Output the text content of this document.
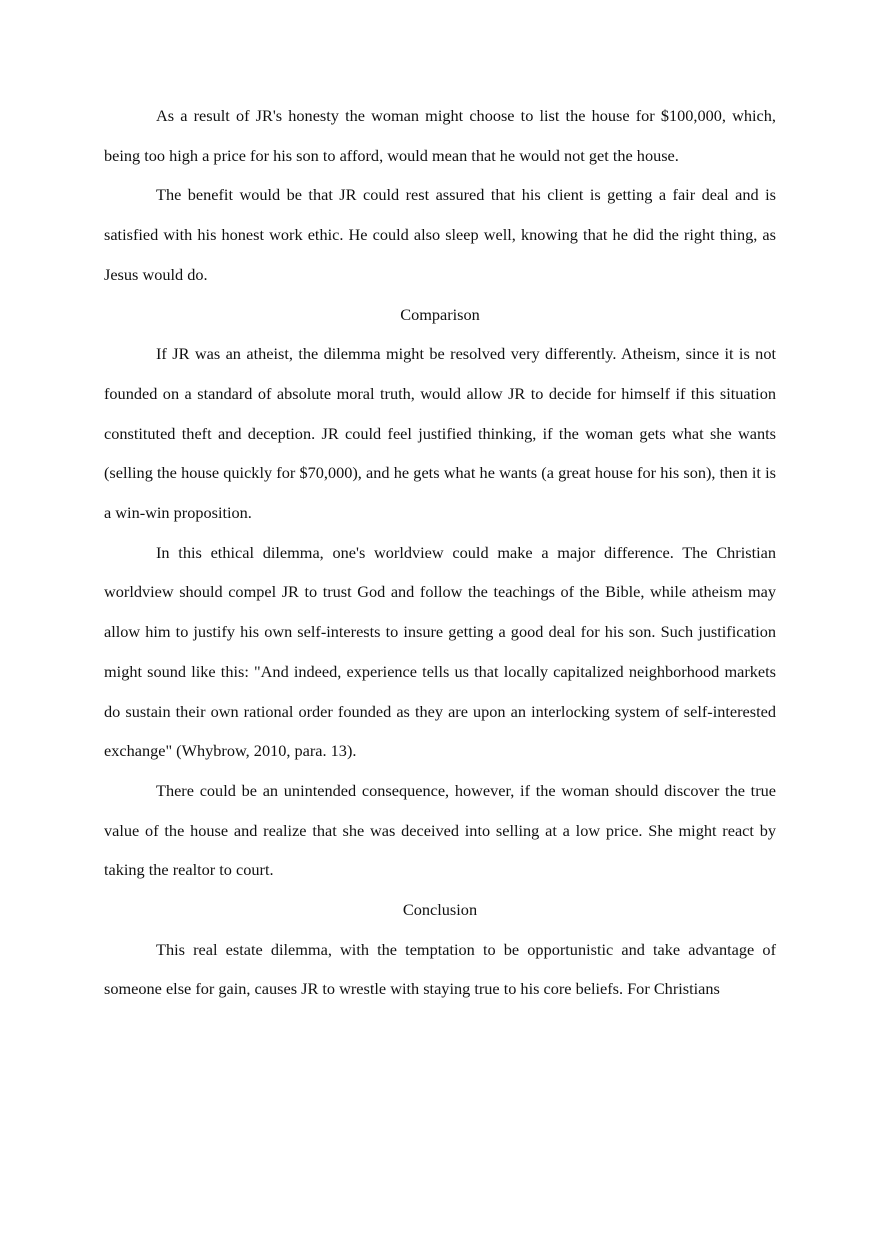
As a result of JR's honesty the woman might choose to list the house for $100,000, which, being too high a price for his son to afford, would mean that he would not get the house.

The benefit would be that JR could rest assured that his client is getting a fair deal and is satisfied with his honest work ethic. He could also sleep well, knowing that he did the right thing, as Jesus would do.

Comparison

If JR was an atheist, the dilemma might be resolved very differently. Atheism, since it is not founded on a standard of absolute moral truth, would allow JR to decide for himself if this situation constituted theft and deception. JR could feel justified thinking, if the woman gets what she wants (selling the house quickly for $70,000), and he gets what he wants (a great house for his son), then it is a win-win proposition.

In this ethical dilemma, one's worldview could make a major difference. The Christian worldview should compel JR to trust God and follow the teachings of the Bible, while atheism may allow him to justify his own self-interests to insure getting a good deal for his son. Such justification might sound like this: "And indeed, experience tells us that locally capitalized neighborhood markets do sustain their own rational order founded as they are upon an interlocking system of self-interested exchange" (Whybrow, 2010, para. 13).

There could be an unintended consequence, however, if the woman should discover the true value of the house and realize that she was deceived into selling at a low price. She might react by taking the realtor to court.

Conclusion

This real estate dilemma, with the temptation to be opportunistic and take advantage of someone else for gain, causes JR to wrestle with staying true to his core beliefs. For Christians
